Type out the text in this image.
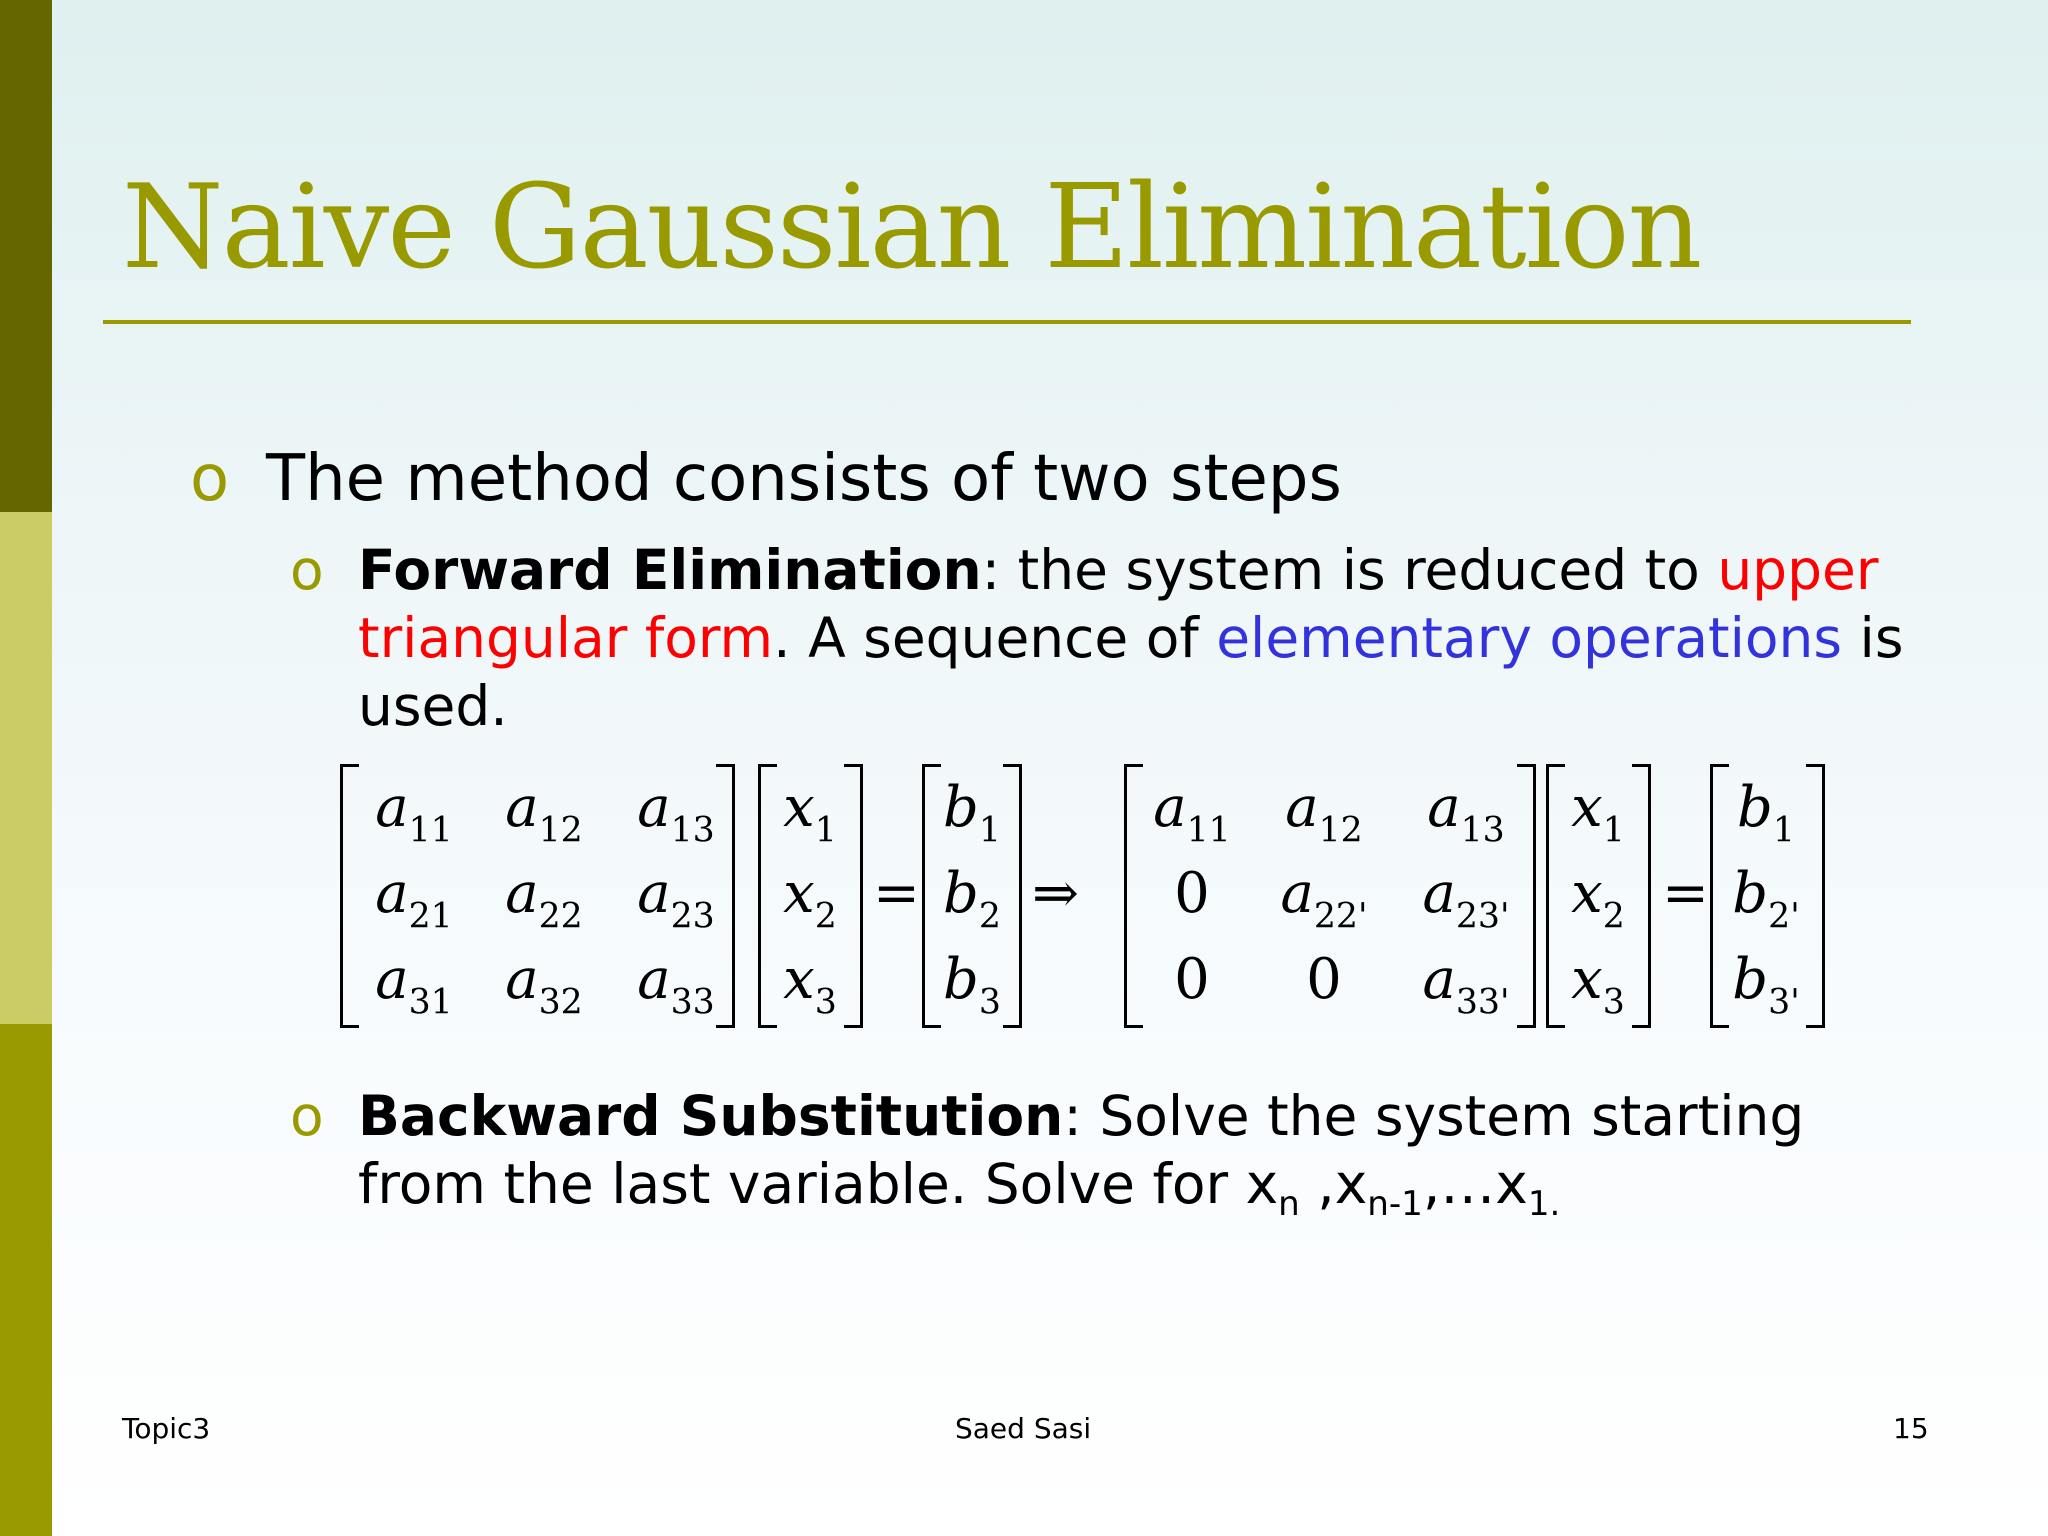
Naive Gaussian Elimination
o The method consists of two steps
o Forward Elimination: the system is reduced to upper triangular form. A sequence of elementary operations is used.
$a_{11}$ $a_{12}$ $a_{13}$
$a_{21}$ $a_{22}$ $a_{23}$
$a_{31}$ $a_{32}$ $a_{33}$
$x_1$
$x_2$
$x_3$
=
$b_1$
$b_2$
$b_3$
⇒
$a_{11}$ $a_{12}$	$a_{13}$
0	$a_{22'}$ $a_{23'}$
0	0	$a_{33'}$
$x_1$
$x_2$
$x_3$
=
$b_1$
$b_{2'}$
$b_{3'}$
o Backward Substitution: Solve the system starting from the last variable. Solve for $x_n$ $,x_{n-1},\dots x_{1.}$
Topic3	Saed Sasi	15
